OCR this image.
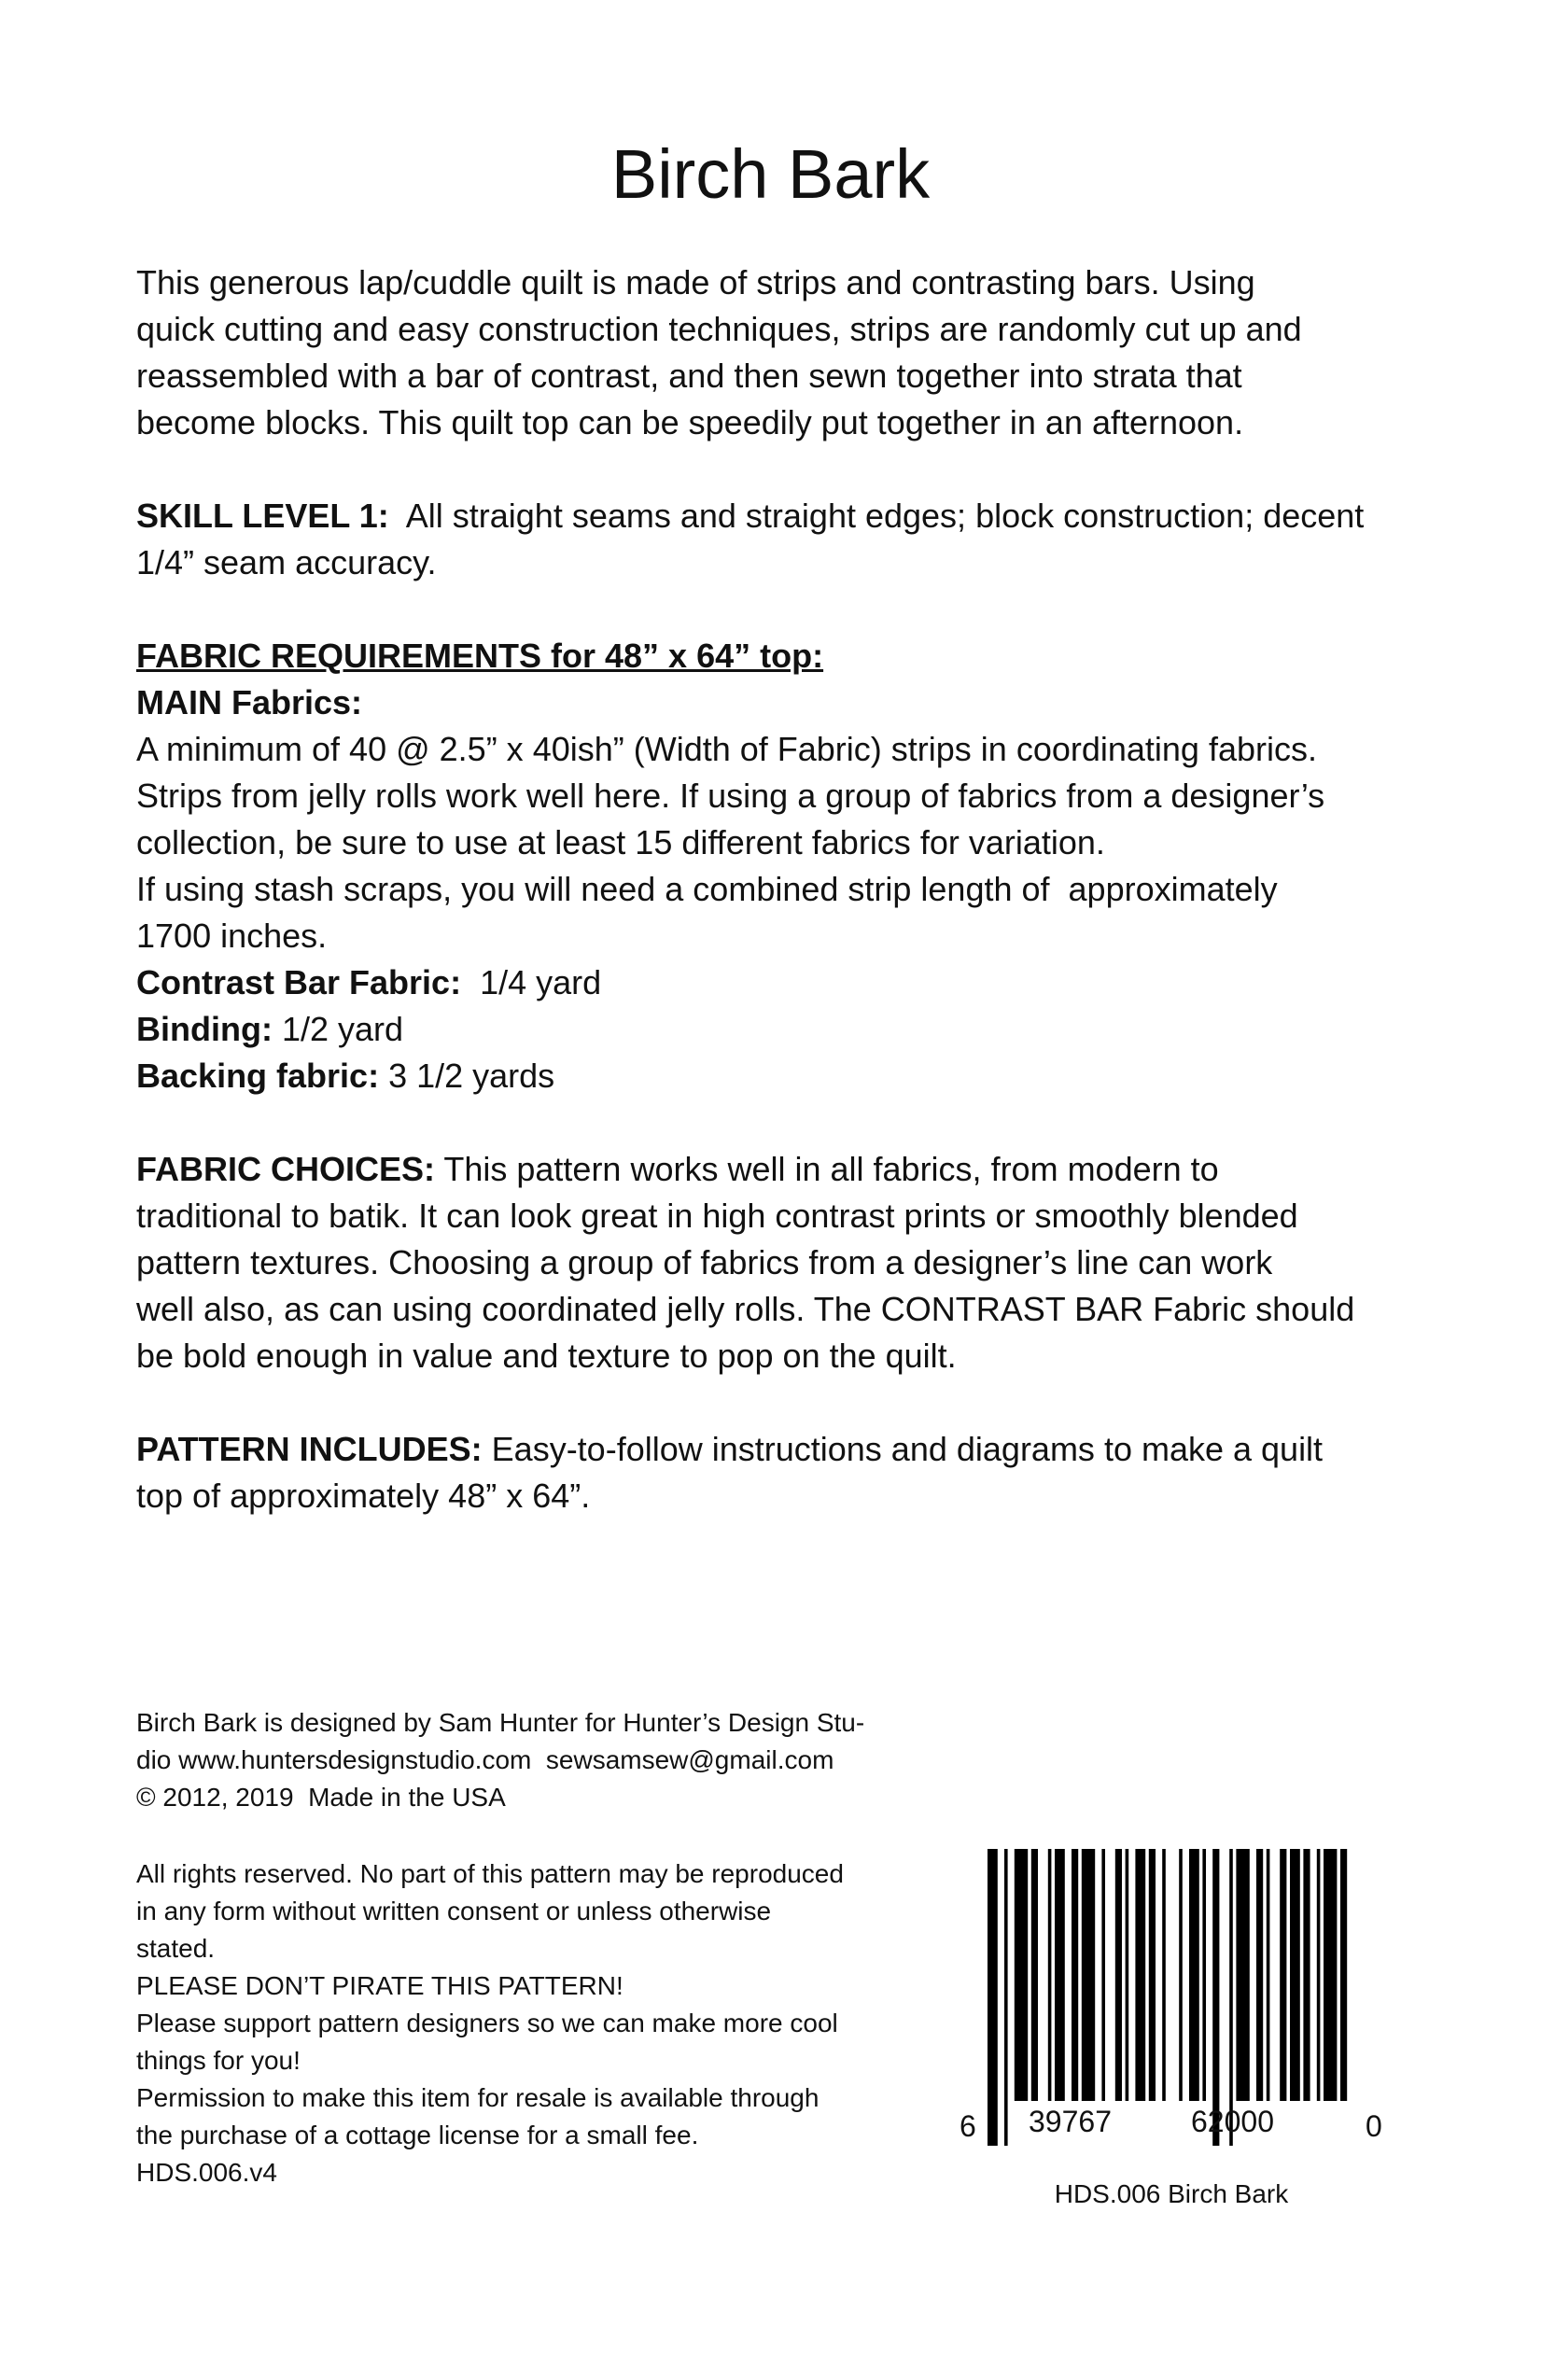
Birch Bark

This generous lap/cuddle quilt is made of strips and contrasting bars. Using
quick cutting and easy construction techniques, strips are randomly cut up and
reassembled with a bar of contrast, and then sewn together into strata that
become blocks. This quilt top can be speedily put together in an afternoon.

SKILL LEVEL 1:  All straight seams and straight edges; block construction; decent
1/4” seam accuracy.

FABRIC REQUIREMENTS for 48” x 64” top:
MAIN Fabrics:
A minimum of 40 @ 2.5” x 40ish” (Width of Fabric) strips in coordinating fabrics.
Strips from jelly rolls work well here. If using a group of fabrics from a designer’s
collection, be sure to use at least 15 different fabrics for variation.
If using stash scraps, you will need a combined strip length of  approximately
1700 inches.
Contrast Bar Fabric:  1/4 yard
Binding: 1/2 yard
Backing fabric: 3 1/2 yards

FABRIC CHOICES: This pattern works well in all fabrics, from modern to
traditional to batik. It can look great in high contrast prints or smoothly blended
pattern textures. Choosing a group of fabrics from a designer’s line can work
well also, as can using coordinated jelly rolls. The CONTRAST BAR Fabric should
be bold enough in value and texture to pop on the quilt.

PATTERN INCLUDES: Easy-to-follow instructions and diagrams to make a quilt
top of approximately 48” x 64”.

Birch Bark is designed by Sam Hunter for Hunter’s Design Stu-
dio www.huntersdesignstudio.com  sewsamsew@gmail.com
© 2012, 2019  Made in the USA
All rights reserved. No part of this pattern may be reproduced
in any form without written consent or unless otherwise
stated.
PLEASE DON’T PIRATE THIS PATTERN!
Please support pattern designers so we can make more cool
things for you!
Permission to make this item for resale is available through
the purchase of a cottage license for a small fee.
HDS.006.v4
6 39767	62000	0
HDS.006 Birch Bark
